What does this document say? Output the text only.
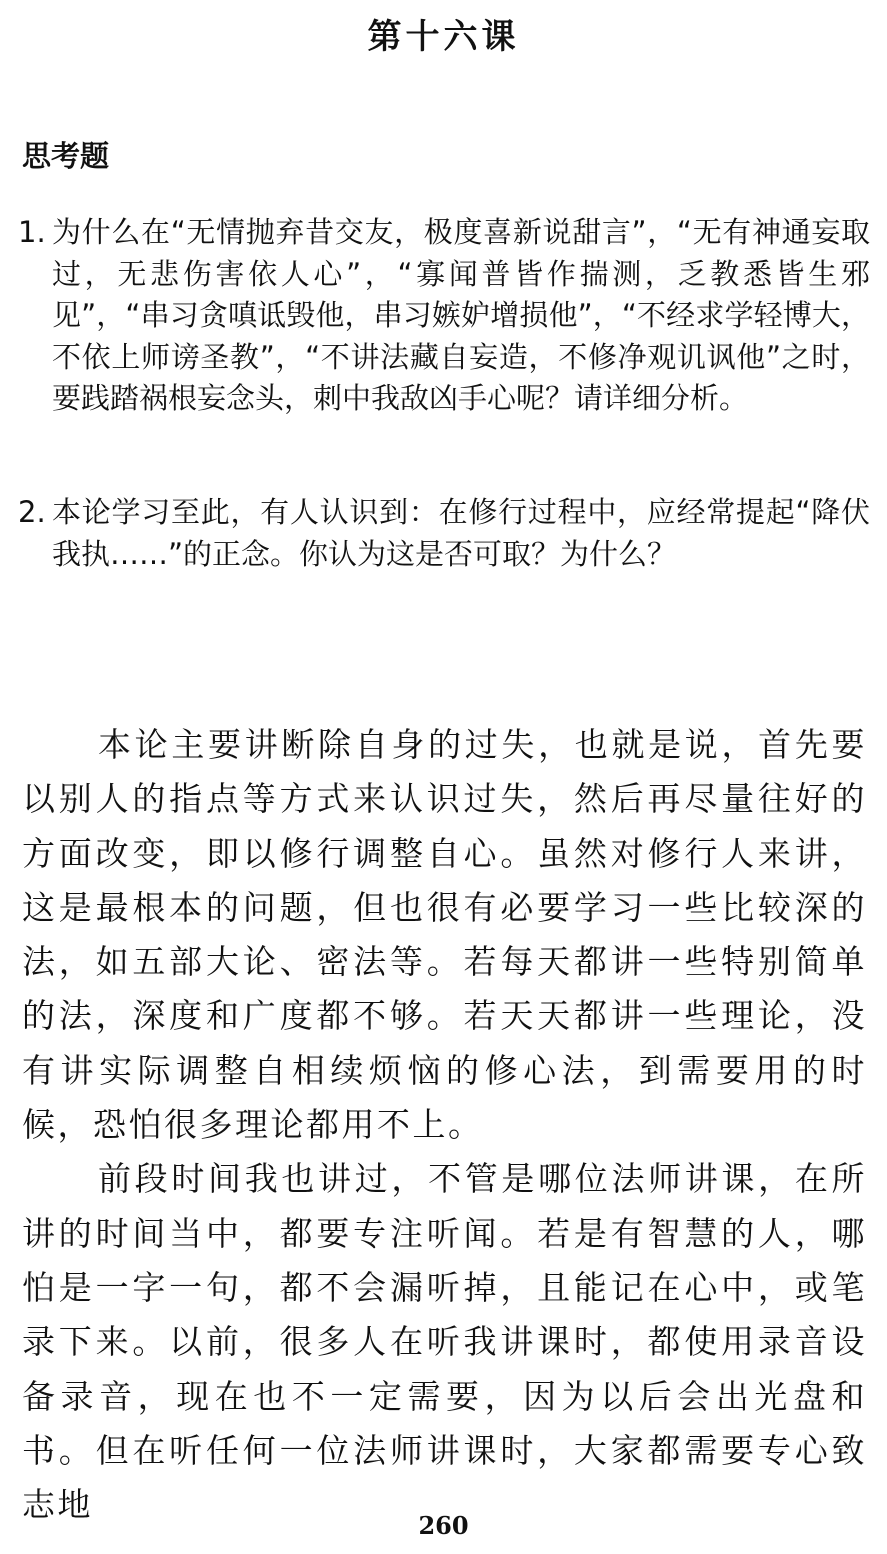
第十六课
思考题
1. 为什么在“无情抛弃昔交友，极度喜新说甜言”，“无有神通妄取过，无悲伤害依人心”，“寡闻普皆作揣测，乏教悉皆生邪见”，“串习贪嗔诋毁他，串习嫉妒增损他”，“不经求学轻博大，不依上师谤圣教”，“不讲法藏自妄造，不修净观讥讽他”之时，要践踏祸根妄念头，刺中我敌凶手心呢？请详细分析。
2. 本论学习至此，有人认识到：在修行过程中，应经常提起“降伏我执……”的正念。你认为这是否可取？为什么？

本论主要讲断除自身的过失，也就是说，首先要以别人的指点等方式来认识过失，然后再尽量往好的方面改变，即以修行调整自心。虽然对修行人来讲，这是最根本的问题，但也很有必要学习一些比较深的法，如五部大论、密法等。若每天都讲一些特别简单的法，深度和广度都不够。若天天都讲一些理论，没有讲实际调整自相续烦恼的修心法，到需要用的时候，恐怕很多理论都用不上。

前段时间我也讲过，不管是哪位法师讲课，在所讲的时间当中，都要专注听闻。若是有智慧的人，哪怕是一字一句，都不会漏听掉，且能记在心中，或笔录下来。以前，很多人在听我讲课时，都使用录音设备录音，现在也不一定需要，因为以后会出光盘和书。但在听任何一位法师讲课时，大家都需要专心致志地

260
